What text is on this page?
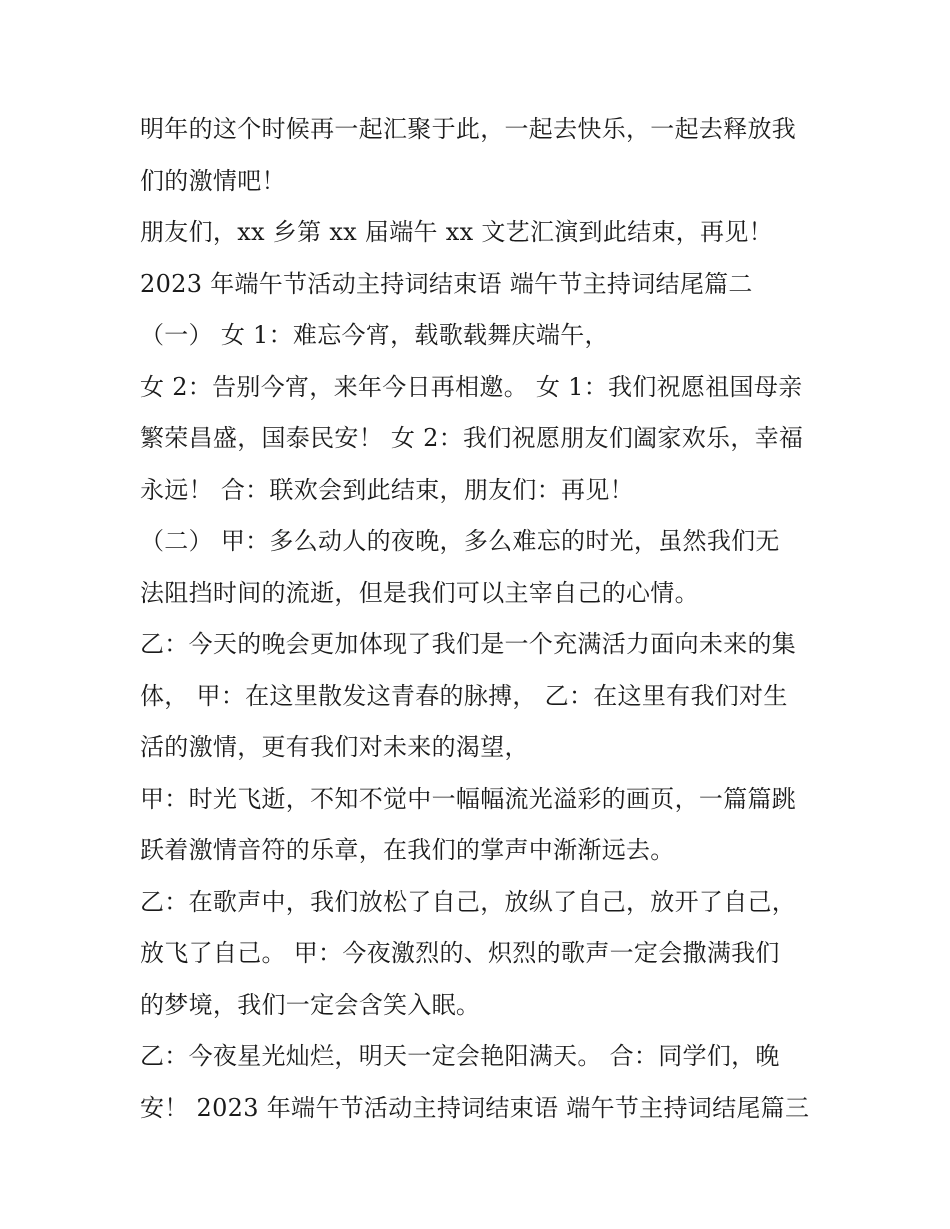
明年的这个时候再一起汇聚于此，一起去快乐，一起去释放我
们的激情吧！
朋友们，xx 乡第 xx 届端午 xx 文艺汇演到此结束，再见！
2023 年端午节活动主持词结束语 端午节主持词结尾篇二
（一） 女 1：难忘今宵，载歌载舞庆端午，
女 2：告别今宵，来年今日再相邀。 女 1：我们祝愿祖国母亲
繁荣昌盛，国泰民安！ 女 2：我们祝愿朋友们阖家欢乐，幸福
永远！ 合：联欢会到此结束，朋友们：再见！
（二） 甲：多么动人的夜晚，多么难忘的时光，虽然我们无
法阻挡时间的流逝，但是我们可以主宰自己的心情。
乙：今天的晚会更加体现了我们是一个充满活力面向未来的集
体， 甲：在这里散发这青春的脉搏， 乙：在这里有我们对生
活的激情，更有我们对未来的渴望，
甲：时光飞逝，不知不觉中一幅幅流光溢彩的画页，一篇篇跳
跃着激情音符的乐章，在我们的掌声中渐渐远去。
乙：在歌声中，我们放松了自己，放纵了自己，放开了自己，
放飞了自己。 甲：今夜激烈的、炽烈的歌声一定会撒满我们
的梦境，我们一定会含笑入眠。
乙：今夜星光灿烂，明天一定会艳阳满天。 合：同学们，晚
安！ 2023 年端午节活动主持词结束语 端午节主持词结尾篇三
